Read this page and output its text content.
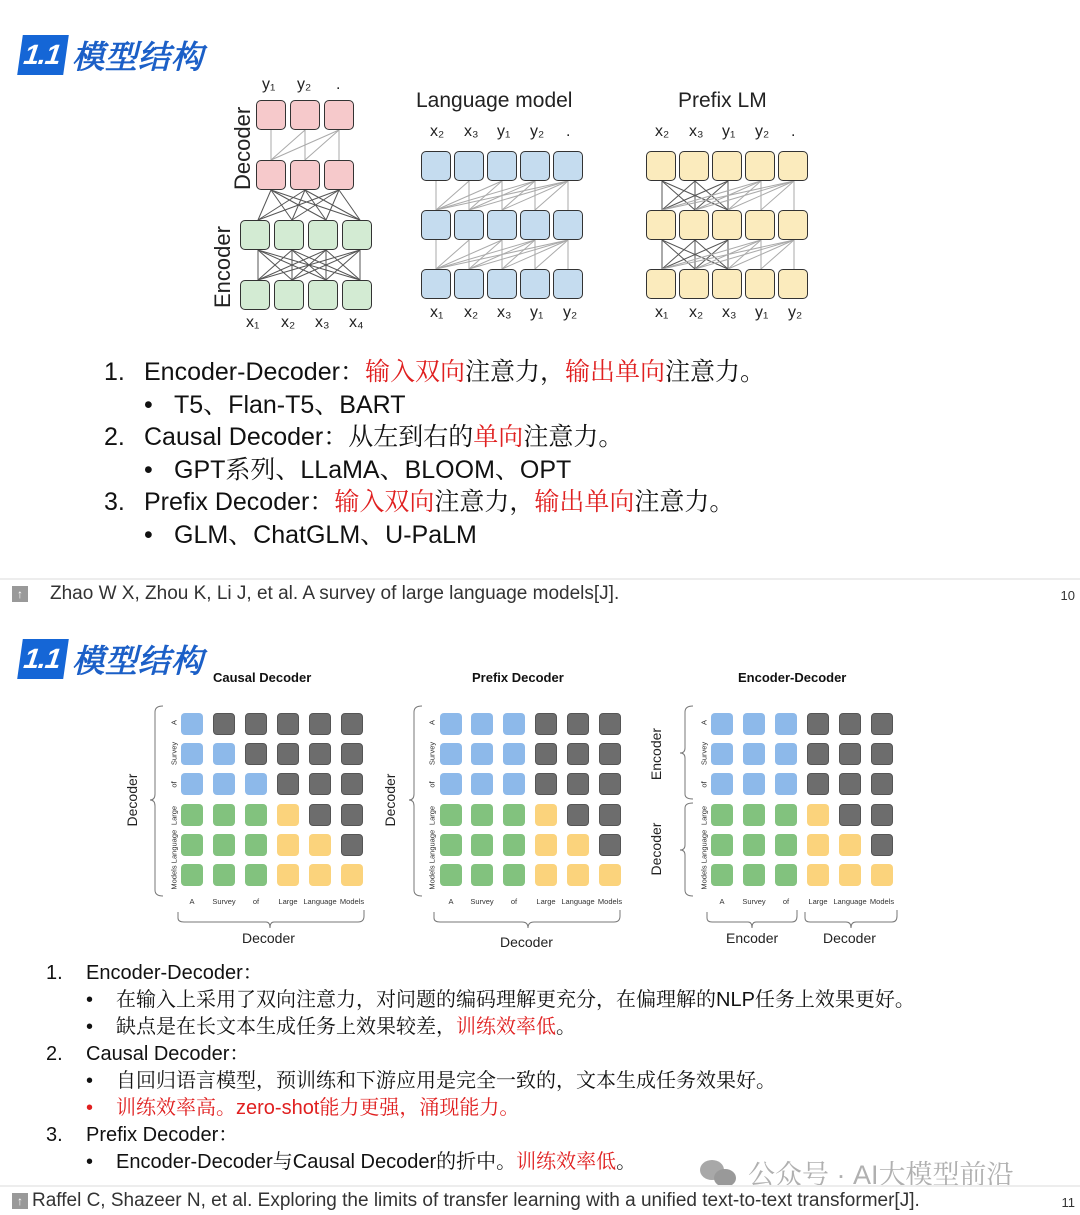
1.1 模型结构
Decoder
Encoder
y₁ y₂ .
x₁ x₂ x₃ x₄
Language model
x₂ x₃ y₁ y₂ .
x₁ x₂ x₃ y₁ y₂
Prefix LM
x₂ x₃ y₁ y₂ .
x₁ x₂ x₃ y₁ y₂
1. Encoder-Decoder：输入双向注意力，输出单向注意力。
• T5、Flan-T5、BART
2. Causal Decoder：从左到右的单向注意力。
• GPT系列、LLaMA、BLOOM、OPT
3. Prefix Decoder：输入双向注意力，输出单向注意力。
• GLM、ChatGLM、U-PaLM
↑ Zhao W X, Zhou K, Li J, et al. A survey of large language models[J].	10
1.1 模型结构 Causal Decoder	Prefix Decoder	Encoder-Decoder
Decoder
A
Survey
of
Large
Language
Models
A	Survey	of	Large Language Models
Decoder
Decoder
A
Survey
of
Large
Language
Models
A	Survey	of	Large Language Models
Decoder
Encoder
Decoder
A
Survey
of
Large
Language
Models
A	Survey	of	Large Language Models
Encoder	Decoder
1. Encoder-Decoder：
• 在输入上采用了双向注意力，对问题的编码理解更充分，在偏理解的NLP任务上效果更好。
• 缺点是在长文本生成任务上效果较差，训练效率低。
2. Causal Decoder：
• 自回归语言模型，预训练和下游应用是完全一致的，文本生成任务效果好。
• 训练效率高。zero-shot能力更强，涌现能力。
3. Prefix Decoder：
• Encoder-Decoder与Causal Decoder的折中。训练效率低。	公众号 · AI大模型前沿
↑ Raffel C, Shazeer N, et al. Exploring the limits of transfer learning with a unified text-to-text transformer[J].	11
